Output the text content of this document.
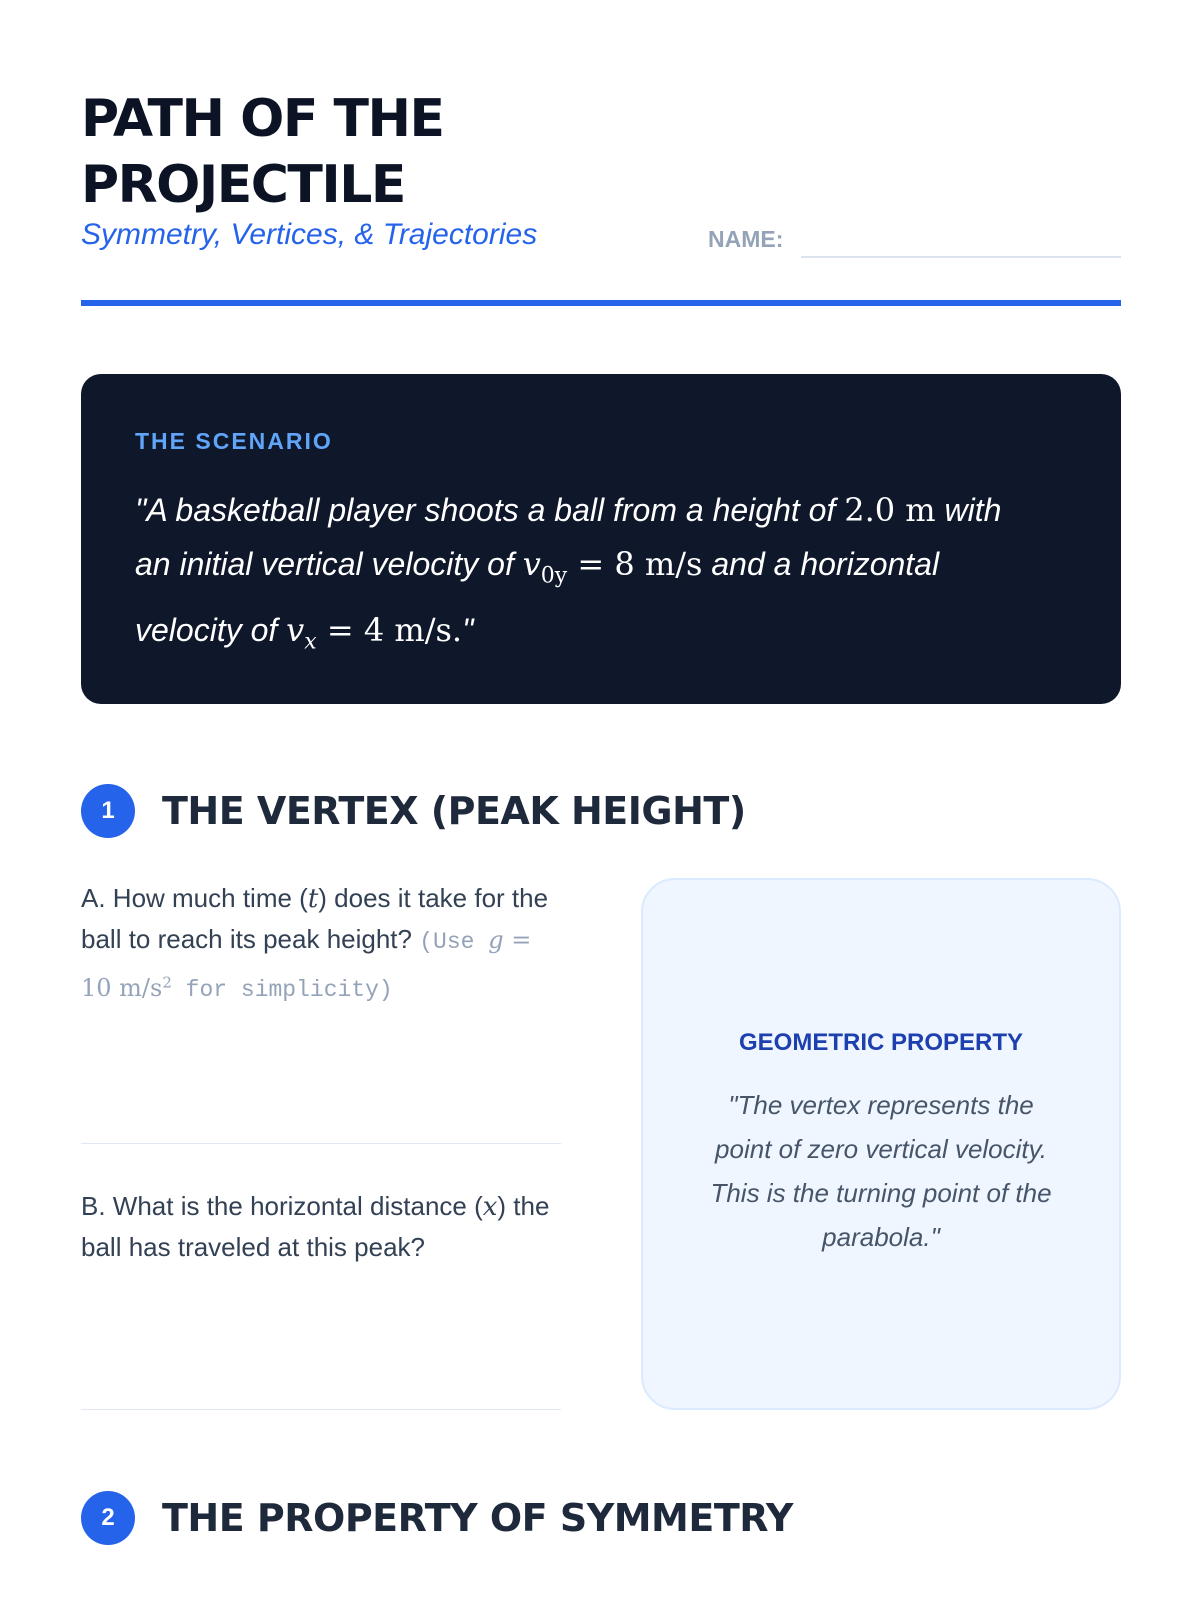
PATH OF THE
PROJECTILE
Symmetry, Vertices, & Trajectories	NAME:
THE SCENARIO

"A basketball player shoots a ball from a height of 2.0 m with an initial vertical velocity of $v_{0y} = 8$ m/s and a horizontal velocity of $v_x = 4$ m/s."

1	THE VERTEX (PEAK HEIGHT)
A. How much time (t) does it take for the ball to reach its peak height? (Use g = 10 $m/s^2$ for simplicity)
B. What is the horizontal distance (x) the ball has traveled at this peak?
GEOMETRIC PROPERTY

"The vertex represents the point of zero vertical velocity. This is the turning point of the parabola."

2	THE PROPERTY OF SYMMETRY
